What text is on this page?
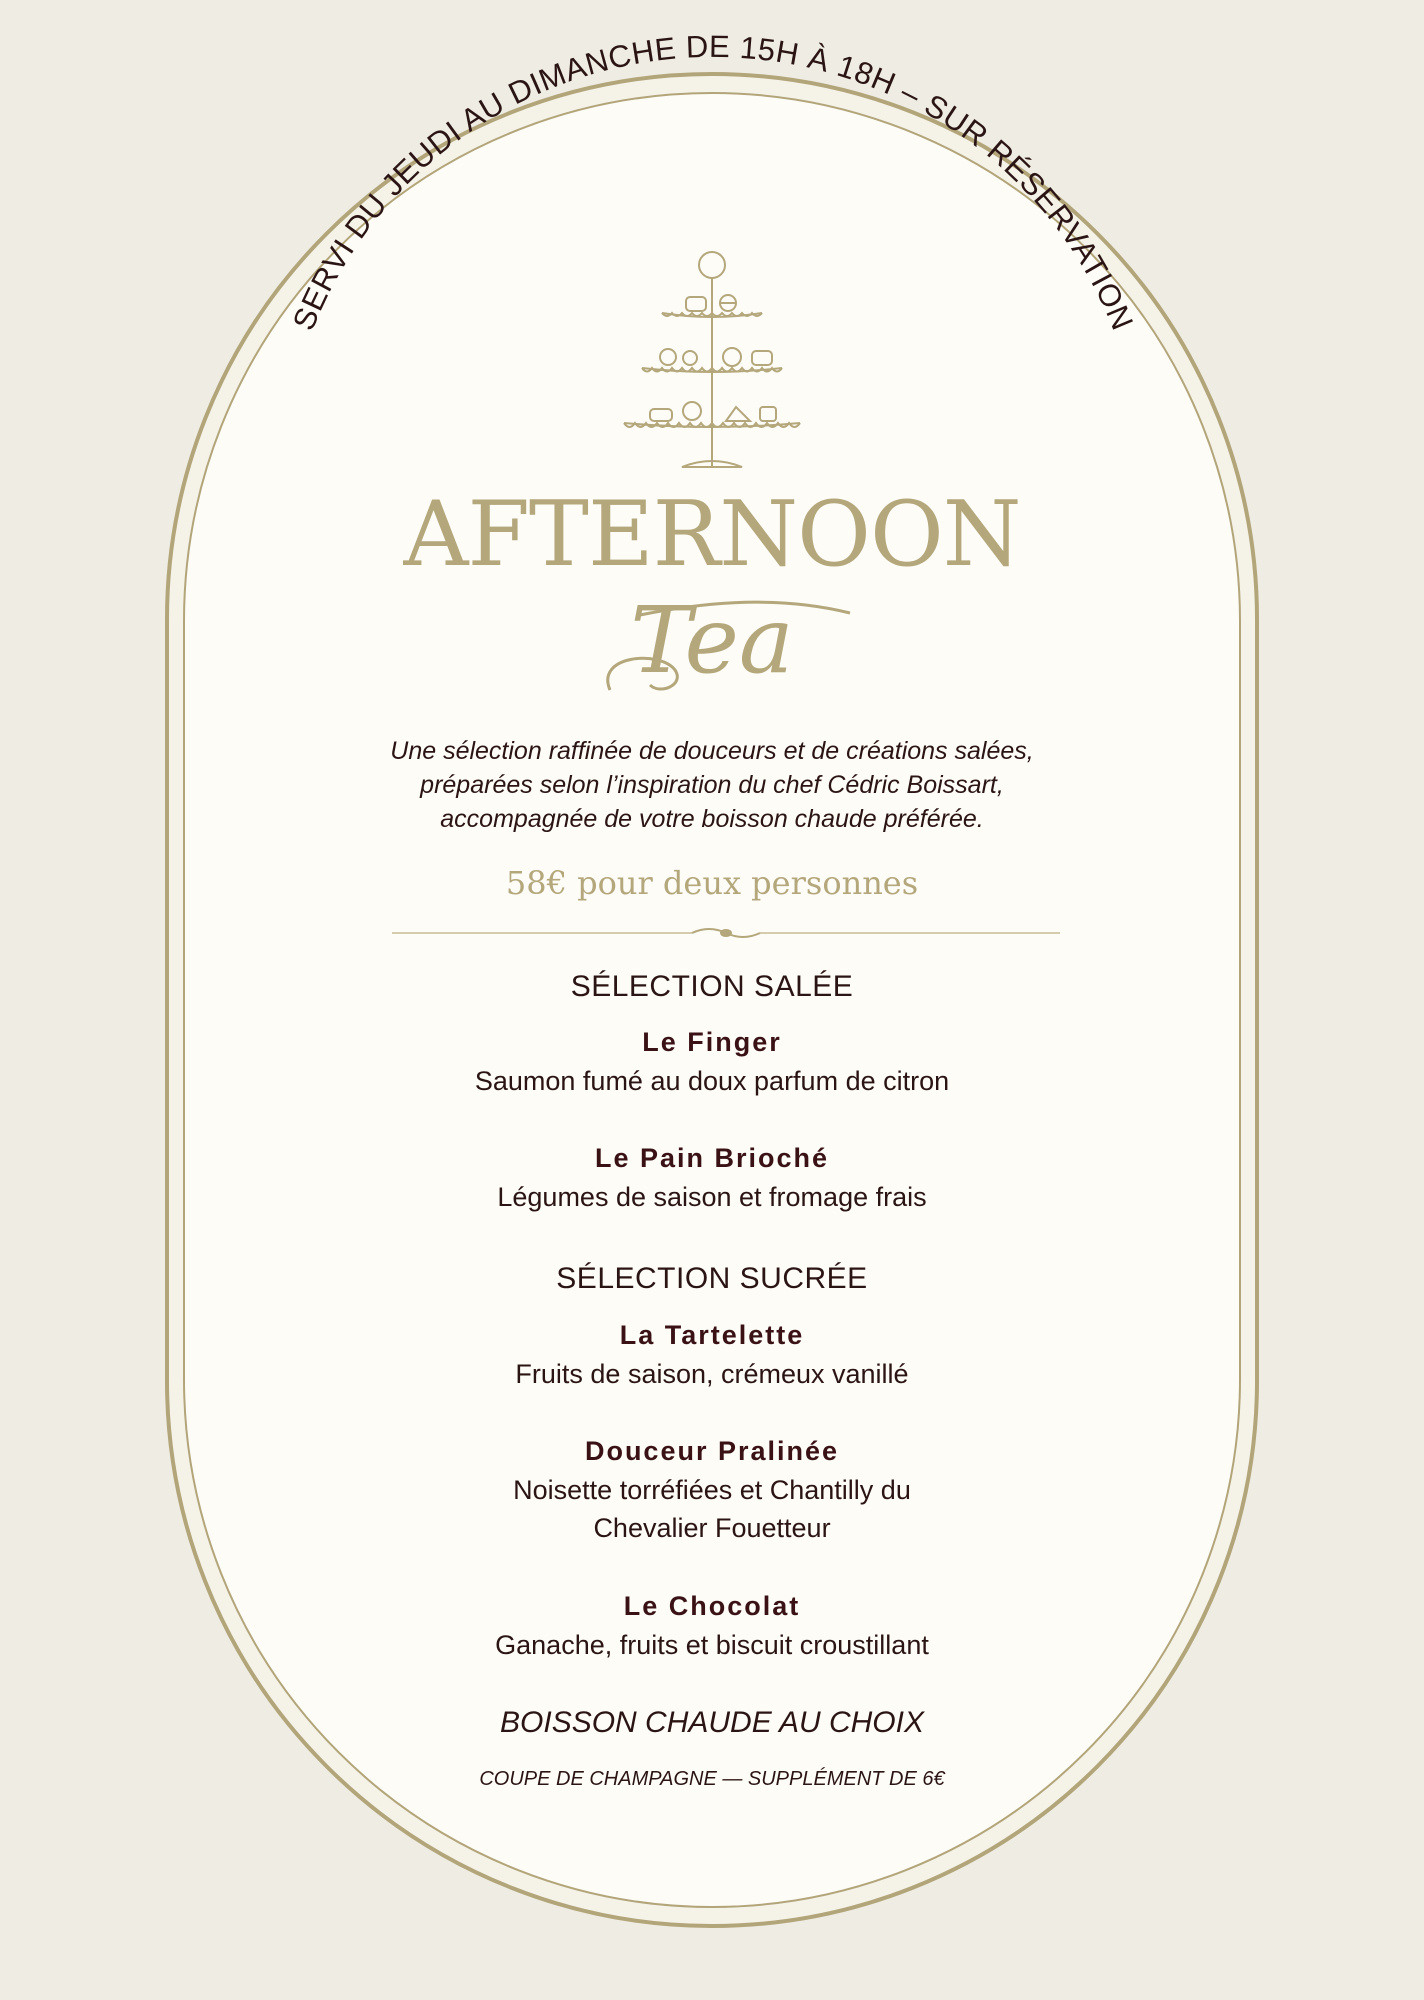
SERVI DU JEUDI AU DIMANCHE DE 15H À 18H – SUR RÉSERVATION
AFTERNOON
Tea
Une sélection raffinée de douceurs et de créations salées,
préparées selon l’inspiration du chef Cédric Boissart,
accompagnée de votre boisson chaude préférée.
58€ pour deux personnes
SÉLECTION SALÉE
Le Finger
Saumon fumé au doux parfum de citron
Le Pain Brioché
Légumes de saison et fromage frais
SÉLECTION SUCRÉE
La Tartelette
Fruits de saison, crémeux vanillé
Douceur Pralinée
Noisette torréfiées et Chantilly du
Chevalier Fouetteur
Le Chocolat
Ganache, fruits et biscuit croustillant
BOISSON CHAUDE AU CHOIX
COUPE DE CHAMPAGNE — SUPPLÉMENT DE 6€
